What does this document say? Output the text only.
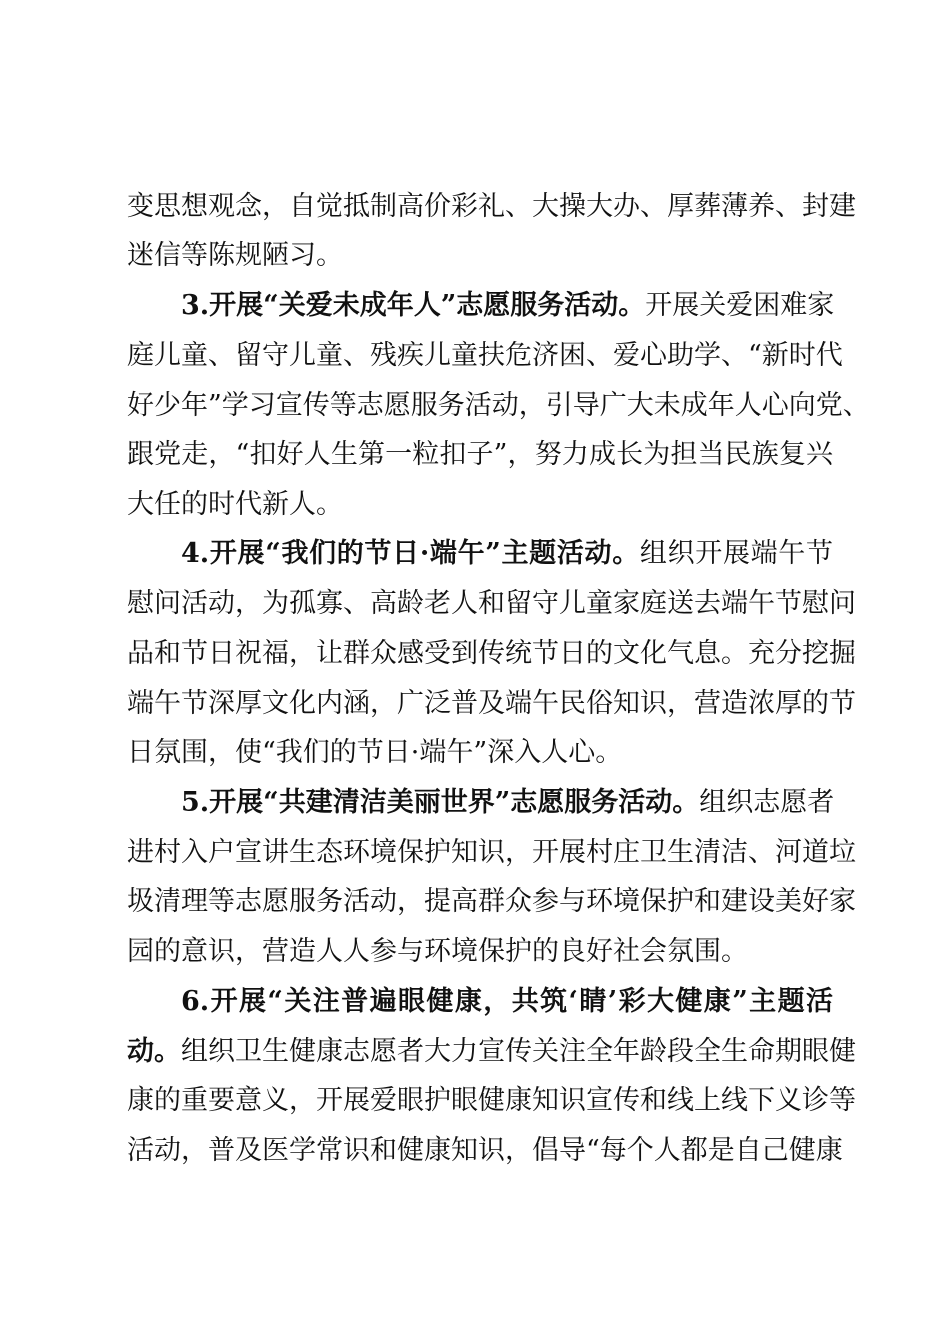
变思想观念，自觉抵制高价彩礼、大操大办、厚葬薄养、封建
迷信等陈规陋习。
3.开展“关爱未成年人”志愿服务活动。开展关爱困难家
庭儿童、留守儿童、残疾儿童扶危济困、爱心助学、“新时代
好少年”学习宣传等志愿服务活动，引导广大未成年人心向党、
跟党走，“扣好人生第一粒扣子”，努力成长为担当民族复兴
大任的时代新人。
4.开展“我们的节日·端午”主题活动。组织开展端午节
慰问活动，为孤寡、高龄老人和留守儿童家庭送去端午节慰问
品和节日祝福，让群众感受到传统节日的文化气息。充分挖掘
端午节深厚文化内涵，广泛普及端午民俗知识，营造浓厚的节
日氛围，使“我们的节日·端午”深入人心。
5.开展“共建清洁美丽世界”志愿服务活动。组织志愿者
进村入户宣讲生态环境保护知识，开展村庄卫生清洁、河道垃
圾清理等志愿服务活动，提高群众参与环境保护和建设美好家
园的意识，营造人人参与环境保护的良好社会氛围。
6.开展“关注普遍眼健康，共筑‘睛’彩大健康”主题活
动。组织卫生健康志愿者大力宣传关注全年龄段全生命期眼健
康的重要意义，开展爱眼护眼健康知识宣传和线上线下义诊等
活动，普及医学常识和健康知识，倡导“每个人都是自己健康
